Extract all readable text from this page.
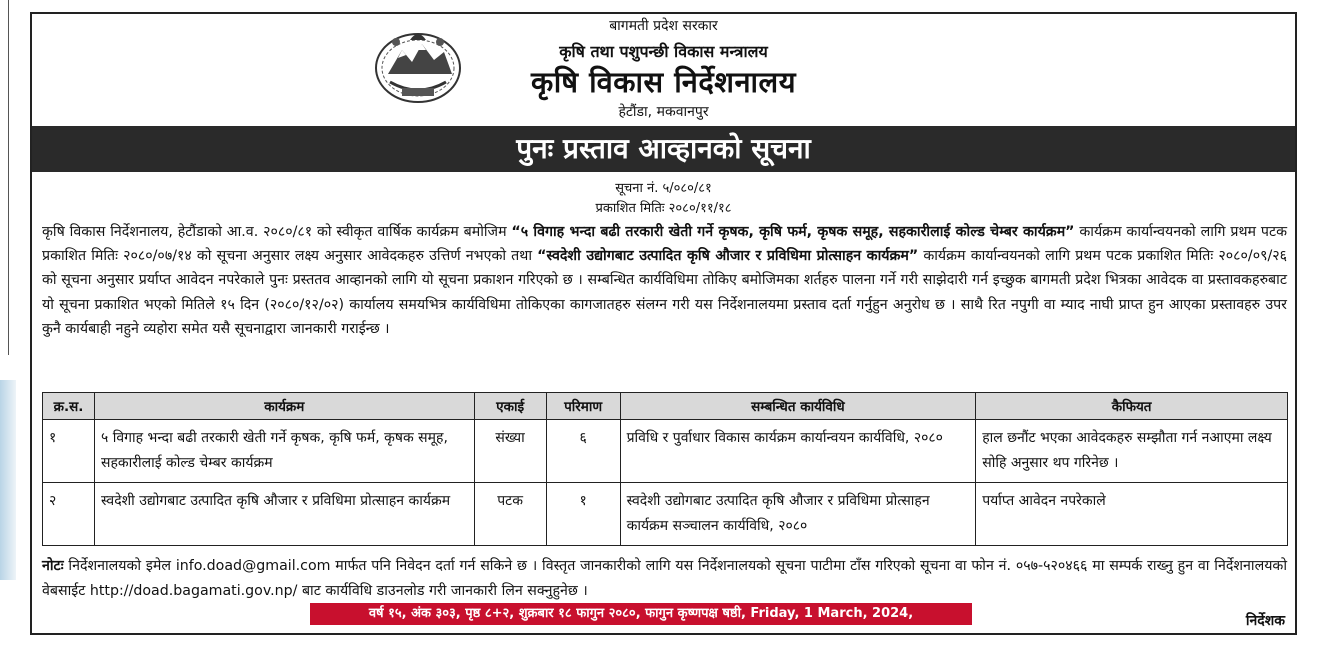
बागमती प्रदेश सरकार
कृषि तथा पशुपन्छी विकास मन्त्रालय
कृषि विकास निर्देशनालय
हेटौंडा, मकवानपुर
पुनः प्रस्ताव आव्हानको सूचना
सूचना नं. ५/०८०/८१
प्रकाशित मितिः २०८०/११/१८
कृषि विकास निर्देशनालय, हेटौंडाको आ.व. २०८०/८१ को स्वीकृत वार्षिक कार्यक्रम बमोजिम “५ विगाह भन्दा बढी तरकारी खेती गर्ने कृषक, कृषि फर्म, कृषक समूह, सहकारीलाई कोल्ड चेम्बर कार्यक्रम” कार्यक्रम कार्यान्वयनको लागि प्रथम पटक प्रकाशित मितिः २०८०/०७/१४ को सूचना अनुसार लक्ष्य अनुसार आवेदकहरु उत्तिर्ण नभएको तथा “स्वदेशी उद्योगबाट उत्पादित कृषि औजार र प्रविधिमा प्रोत्साहन कार्यक्रम” कार्यक्रम कार्यान्वयनको लागि प्रथम पटक प्रकाशित मितिः २०८०/०९/२६ को सूचना अनुसार प्रर्याप्त आवेदन नपरेकाले पुनः प्रस्ततव आव्हानको लागि यो सूचना प्रकाशन गरिएको छ । सम्बन्धित कार्यविधिमा तोकिए बमोजिमका शर्तहरु पालना गर्ने गरी साझेदारी गर्न इच्छुक बागमती प्रदेश भित्रका आवेदक वा प्रस्तावकहरुबाट यो सूचना प्रकाशित भएको मितिले १५ दिन (२०८०/१२/०२) कार्यालय समयभित्र कार्यविधिमा तोकिएका कागजातहरु संलग्न गरी यस निर्देशनालयमा प्रस्ताव दर्ता गर्नुहुन अनुरोध छ । साथै रित नपुगी वा म्याद नाघी प्राप्त हुन आएका प्रस्तावहरु उपर कुनै कार्यबाही नहुने व्यहोरा समेत यसै सूचनाद्वारा जानकारी गराईन्छ ।
क्र.स.	कार्यक्रम	एकाई	परिमाण	सम्बन्धित कार्यविधि	कैफियत
१	५ विगाह भन्दा बढी तरकारी खेती गर्ने कृषक, कृषि फर्म, कृषक समूह, सहकारीलाई कोल्ड चेम्बर कार्यक्रम	संख्या	६	प्रविधि र पुर्वाधार विकास कार्यक्रम कार्यान्वयन कार्यविधि, २०८०	हाल छनौंट भएका आवेदकहरु सम्झौता गर्न नआएमा लक्ष्य सोहि अनुसार थप गरिनेछ ।
२	स्वदेशी उद्योगबाट उत्पादित कृषि औजार र प्रविधिमा प्रोत्साहन कार्यक्रम	पटक	१	स्वदेशी उद्योगबाट उत्पादित कृषि औजार र प्रविधिमा प्रोत्साहन कार्यक्रम सञ्चालन कार्यविधि, २०८०	पर्याप्त आवेदन नपरेकाले
नोटः निर्देशनालयको इमेल info.doad@gmail.com मार्फत पनि निवेदन दर्ता गर्न सकिने छ । विस्तृत जानकारीको लागि यस निर्देशनालयको सूचना पाटीमा टाँस गरिएको सूचना वा फोन नं. ०५७-५२०४६६ मा सम्पर्क राख्नु हुन वा निर्देशनालयको वेबसाईट http://doad.bagamati.gov.np/ बाट कार्यविधि डाउनलोड गरी जानकारी लिन सक्नुहुनेछ ।
निर्देशक
वर्ष १५, अंक ३०३, पृष्ठ ८+२, शुक्रबार १८ फागुन २०८०, फागुन कृष्णपक्ष षष्ठी, Friday, 1 March, 2024,
